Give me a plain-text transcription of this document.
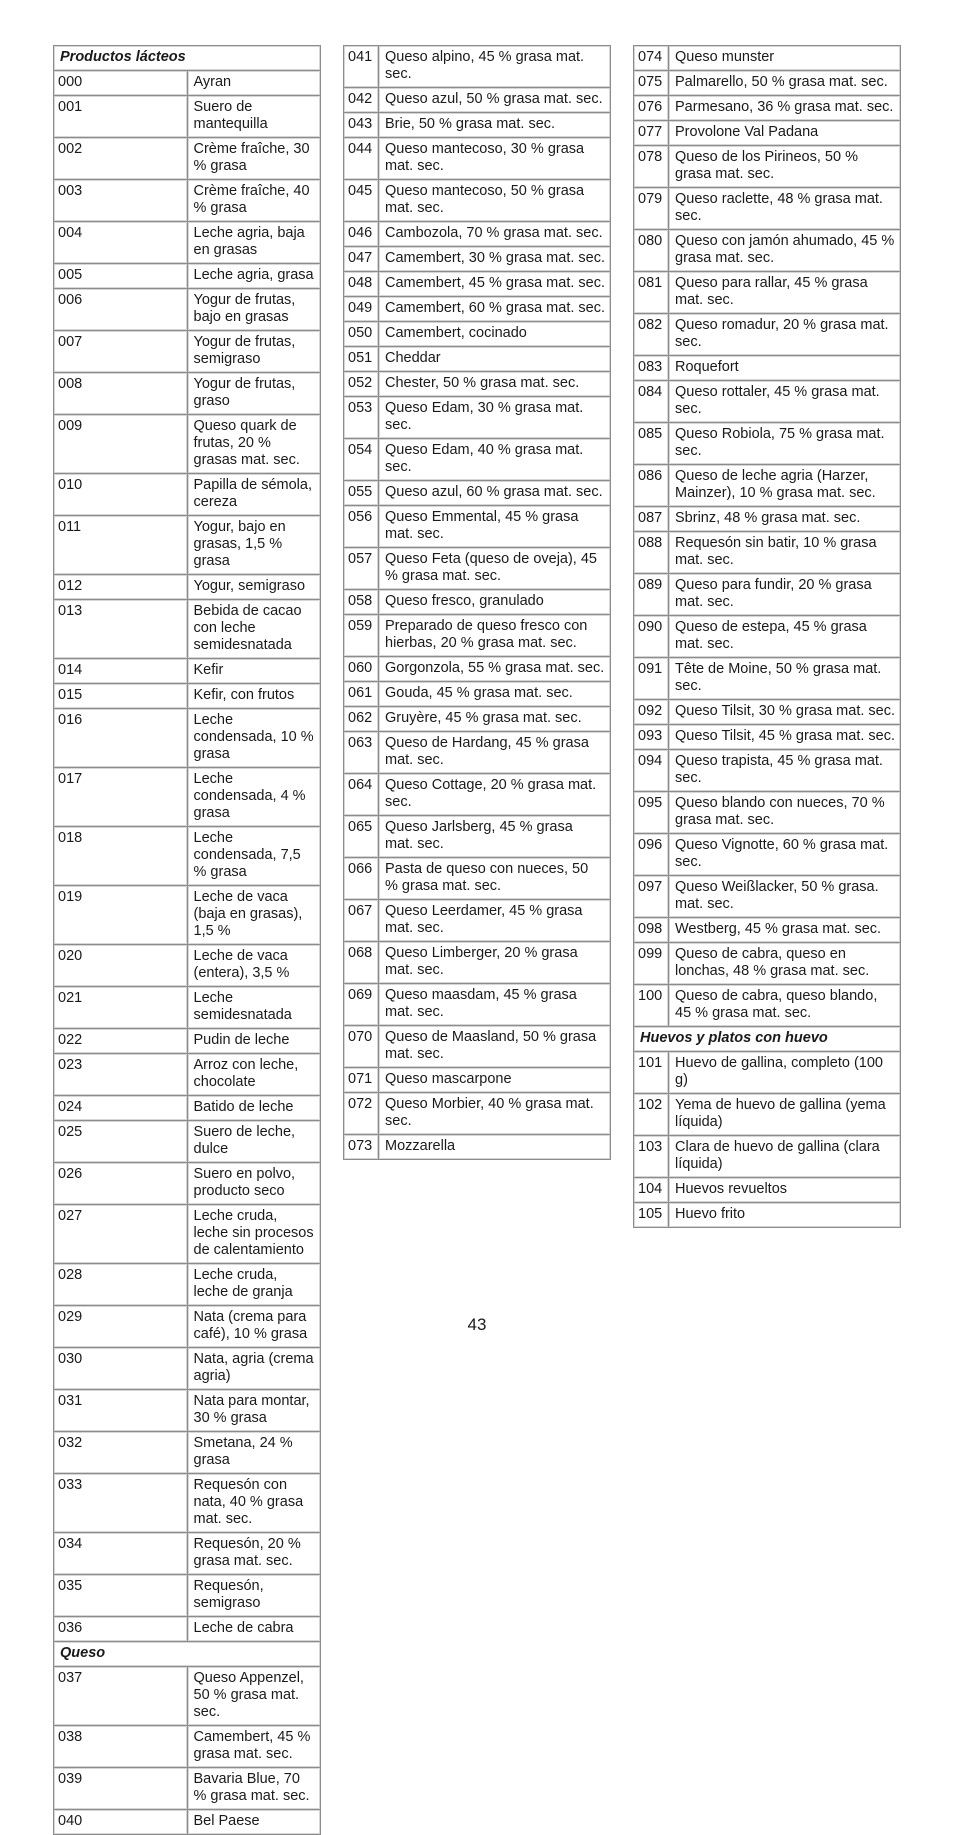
Productos lácteos	
000	Ayran
001	Suero de mantequilla
002	Crème fraîche, 30 % grasa
003	Crème fraîche, 40 % grasa
004	Leche agria, baja en grasas
005	Leche agria, grasa
006	Yogur de frutas, bajo en grasas
007	Yogur de frutas, semigraso
008	Yogur de frutas, graso
009	Queso quark de frutas, 20 % grasas mat. sec.
010	Papilla de sémola, cereza
011	Yogur, bajo en grasas, 1,5 % grasa
012	Yogur, semigraso
013	Bebida de cacao con leche semidesnatada
014	Kefir
015	Kefir, con frutos
016	Leche condensada, 10 % grasa
017	Leche condensada, 4 % grasa
018	Leche condensada, 7,5 % grasa
019	Leche de vaca (baja en grasas), 1,5 %
020	Leche de vaca (entera), 3,5 %
021	Leche semidesnatada
022	Pudin de leche
023	Arroz con leche, chocolate
024	Batido de leche
025	Suero de leche, dulce
026	Suero en polvo, producto seco
027	Leche cruda, leche sin procesos de calentamiento
028	Leche cruda, leche de granja
029	Nata (crema para café), 10 % grasa
030	Nata, agria (crema agria)
031	Nata para montar, 30 % grasa
032	Smetana, 24 % grasa
033	Requesón con nata, 40 % grasa mat. sec.
034	Requesón, 20 % grasa mat. sec.
035	Requesón, semigraso
036	Leche de cabra
Queso	
037	Queso Appenzel, 50 % grasa mat. sec.
038	Camembert, 45 % grasa mat. sec.
039	Bavaria Blue, 70 % grasa mat. sec.
040	Bel Paese
041	Queso alpino, 45 % grasa mat. sec.
042	Queso azul, 50 % grasa mat. sec.
043	Brie, 50 % grasa mat. sec.
044	Queso mantecoso, 30 % grasa mat. sec.
045	Queso mantecoso, 50 % grasa mat. sec.
046	Cambozola, 70 % grasa mat. sec.
047	Camembert, 30 % grasa mat. sec.
048	Camembert, 45 % grasa mat. sec.
049	Camembert, 60 % grasa mat. sec.
050	Camembert, cocinado
051	Cheddar
052	Chester, 50 % grasa mat. sec.
053	Queso Edam, 30 % grasa mat. sec.
054	Queso Edam, 40 % grasa mat. sec.
055	Queso azul, 60 % grasa mat. sec.
056	Queso Emmental, 45 % grasa mat. sec.
057	Queso Feta (queso de oveja), 45 % grasa mat. sec.
058	Queso fresco, granulado
059	Preparado de queso fresco con hierbas, 20 % grasa mat. sec.
060	Gorgonzola, 55 % grasa mat. sec.
061	Gouda, 45 % grasa mat. sec.
062	Gruyère, 45 % grasa mat. sec.
063	Queso de Hardang, 45 % grasa mat. sec.
064	Queso Cottage, 20 % grasa mat. sec.
065	Queso Jarlsberg, 45 % grasa mat. sec.
066	Pasta de queso con nueces, 50 % grasa mat. sec.
067	Queso Leerdamer, 45 % grasa mat. sec.
068	Queso Limberger, 20 % grasa mat. sec.
069	Queso maasdam, 45 % grasa mat. sec.
070	Queso de Maasland, 50 % grasa mat. sec.
071	Queso mascarpone
072	Queso Morbier, 40 % grasa mat. sec.
073	Mozzarella
074	Queso munster
075	Palmarello, 50 % grasa mat. sec.
076	Parmesano, 36 % grasa mat. sec.
077	Provolone Val Padana
078	Queso de los Pirineos, 50 % grasa mat. sec.
079	Queso raclette, 48 % grasa mat. sec.
080	Queso con jamón ahumado, 45 % grasa mat. sec.
081	Queso para rallar, 45 % grasa mat. sec.
082	Queso romadur, 20 % grasa mat. sec.
083	Roquefort
084	Queso rottaler, 45 % grasa mat. sec.
085	Queso Robiola, 75 % grasa mat. sec.
086	Queso de leche agria (Harzer, Mainzer), 10 % grasa mat. sec.
087	Sbrinz, 48 % grasa mat. sec.
088	Requesón sin batir, 10 % grasa mat. sec.
089	Queso para fundir, 20 % grasa mat. sec.
090	Queso de estepa, 45 % grasa mat. sec.
091	Tête de Moine, 50 % grasa mat. sec.
092	Queso Tilsit, 30 % grasa mat. sec.
093	Queso Tilsit, 45 % grasa mat. sec.
094	Queso trapista, 45 % grasa mat. sec.
095	Queso blando con nueces, 70 % grasa mat. sec.
096	Queso Vignotte, 60 % grasa mat. sec.
097	Queso Weißlacker, 50 % grasa. mat. sec.
098	Westberg, 45 % grasa mat. sec.
099	Queso de cabra, queso en lonchas, 48 % grasa mat. sec.
100	Queso de cabra, queso blando, 45 % grasa mat. sec.
Huevos y platos con huevo	
101	Huevo de gallina, completo (100 g)
102	Yema de huevo de gallina (yema líquida)
103	Clara de huevo de gallina (clara líquida)
104	Huevos revueltos
105	Huevo frito
43
